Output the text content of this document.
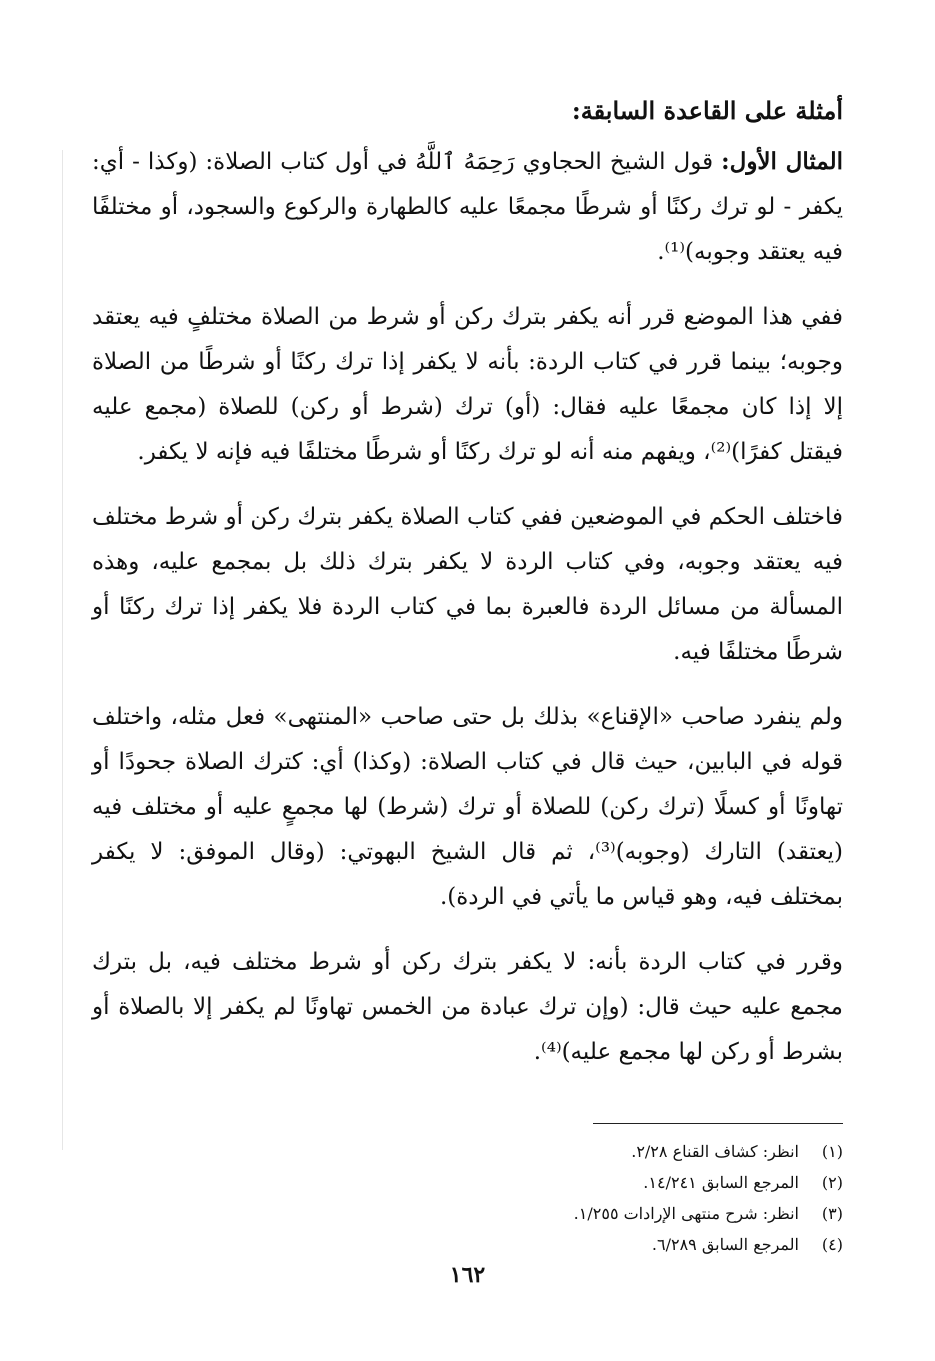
أمثلة على القاعدة السابقة:

المثال الأول: قول الشيخ الحجاوي رَحِمَهُ ٱللَّهُ في أول كتاب الصلاة: (وكذا - أي: يكفر - لو ترك ركنًا أو شرطًا مجمعًا عليه كالطهارة والركوع والسجود، أو مختلفًا فيه يعتقد وجوبه)⁽¹⁾.

ففي هذا الموضع قرر أنه يكفر بترك ركن أو شرط من الصلاة مختلفٍ فيه يعتقد وجوبه؛ بينما قرر في كتاب الردة: بأنه لا يكفر إذا ترك ركنًا أو شرطًا من الصلاة إلا إذا كان مجمعًا عليه فقال: (أو) ترك (شرط أو ركن) للصلاة (مجمع عليه فيقتل كفرًا)⁽²⁾، ويفهم منه أنه لو ترك ركنًا أو شرطًا مختلفًا فيه فإنه لا يكفر.

فاختلف الحكم في الموضعين ففي كتاب الصلاة يكفر بترك ركن أو شرط مختلف فيه يعتقد وجوبه، وفي كتاب الردة لا يكفر بترك ذلك بل بمجمع عليه، وهذه المسألة من مسائل الردة فالعبرة بما في كتاب الردة فلا يكفر إذا ترك ركنًا أو شرطًا مختلفًا فيه.

ولم ينفرد صاحب «الإقناع» بذلك بل حتى صاحب «المنتهى» فعل مثله، واختلف قوله في البابين، حيث قال في كتاب الصلاة: (وكذا) أي: كترك الصلاة جحودًا أو تهاونًا أو كسلًا (ترك ركن) للصلاة أو ترك (شرط) لها مجمعٍ عليه أو مختلف فيه (يعتقد) التارك (وجوبه)⁽³⁾، ثم قال الشيخ البهوتي: (وقال الموفق: لا يكفر بمختلف فيه، وهو قياس ما يأتي في الردة).

وقرر في كتاب الردة بأنه: لا يكفر بترك ركن أو شرط مختلف فيه، بل بترك مجمع عليه حيث قال: (وإن ترك عبادة من الخمس تهاونًا لم يكفر إلا بالصلاة أو بشرط أو ركن لها مجمع عليه)⁽⁴⁾.

(١)
انظر: كشاف القناع ٢/٢٨.
(٢)
المرجع السابق ١٤/٢٤١.
(٣)
انظر: شرح منتهى الإرادات ١/٢٥٥.
(٤)
المرجع السابق ٦/٢٨٩.
١٦٢
